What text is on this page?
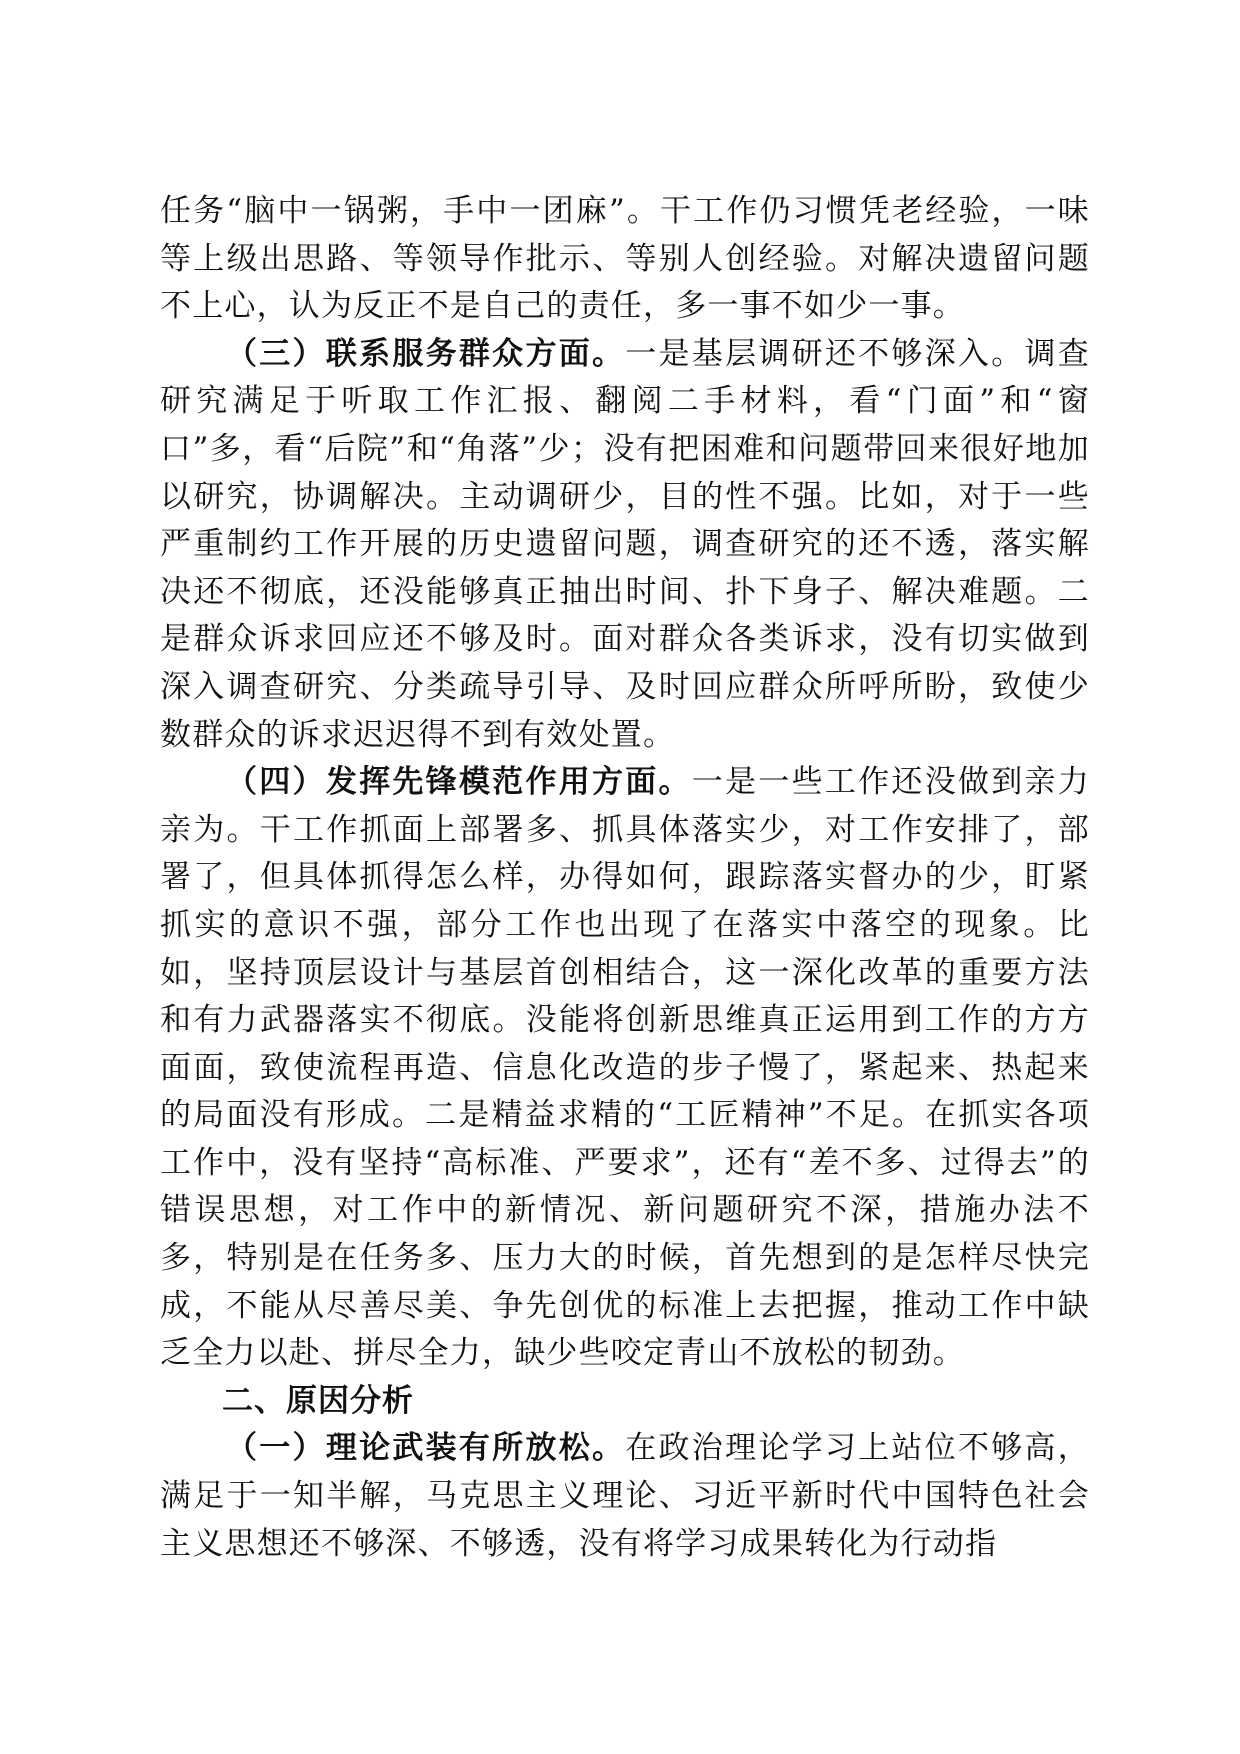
任务“脑中一锅粥，手中一团麻”。干工作仍习惯凭老经验，一味等上级出思路、等领导作批示、等别人创经验。对解决遗留问题不上心，认为反正不是自己的责任，多一事不如少一事。

（三）联系服务群众方面。一是基层调研还不够深入。调查研究满足于听取工作汇报、翻阅二手材料，看“门面”和“窗口”多，看“后院”和“角落”少；没有把困难和问题带回来很好地加以研究，协调解决。主动调研少，目的性不强。比如，对于一些严重制约工作开展的历史遗留问题，调查研究的还不透，落实解决还不彻底，还没能够真正抽出时间、扑下身子、解决难题。二是群众诉求回应还不够及时。面对群众各类诉求，没有切实做到深入调查研究、分类疏导引导、及时回应群众所呼所盼，致使少数群众的诉求迟迟得不到有效处置。

（四）发挥先锋模范作用方面。一是一些工作还没做到亲力亲为。干工作抓面上部署多、抓具体落实少，对工作安排了，部署了，但具体抓得怎么样，办得如何，跟踪落实督办的少，盯紧抓实的意识不强，部分工作也出现了在落实中落空的现象。比如，坚持顶层设计与基层首创相结合，这一深化改革的重要方法和有力武器落实不彻底。没能将创新思维真正运用到工作的方方面面，致使流程再造、信息化改造的步子慢了，紧起来、热起来的局面没有形成。二是精益求精的“工匠精神”不足。在抓实各项工作中，没有坚持“高标准、严要求”，还有“差不多、过得去”的错误思想，对工作中的新情况、新问题研究不深，措施办法不多，特别是在任务多、压力大的时候，首先想到的是怎样尽快完成，不能从尽善尽美、争先创优的标准上去把握，推动工作中缺乏全力以赴、拼尽全力，缺少些咬定青山不放松的韧劲。

二、原因分析

（一）理论武装有所放松。在政治理论学习上站位不够高，满足于一知半解，马克思主义理论、习近平新时代中国特色社会主义思想还不够深、不够透，没有将学习成果转化为行动指
